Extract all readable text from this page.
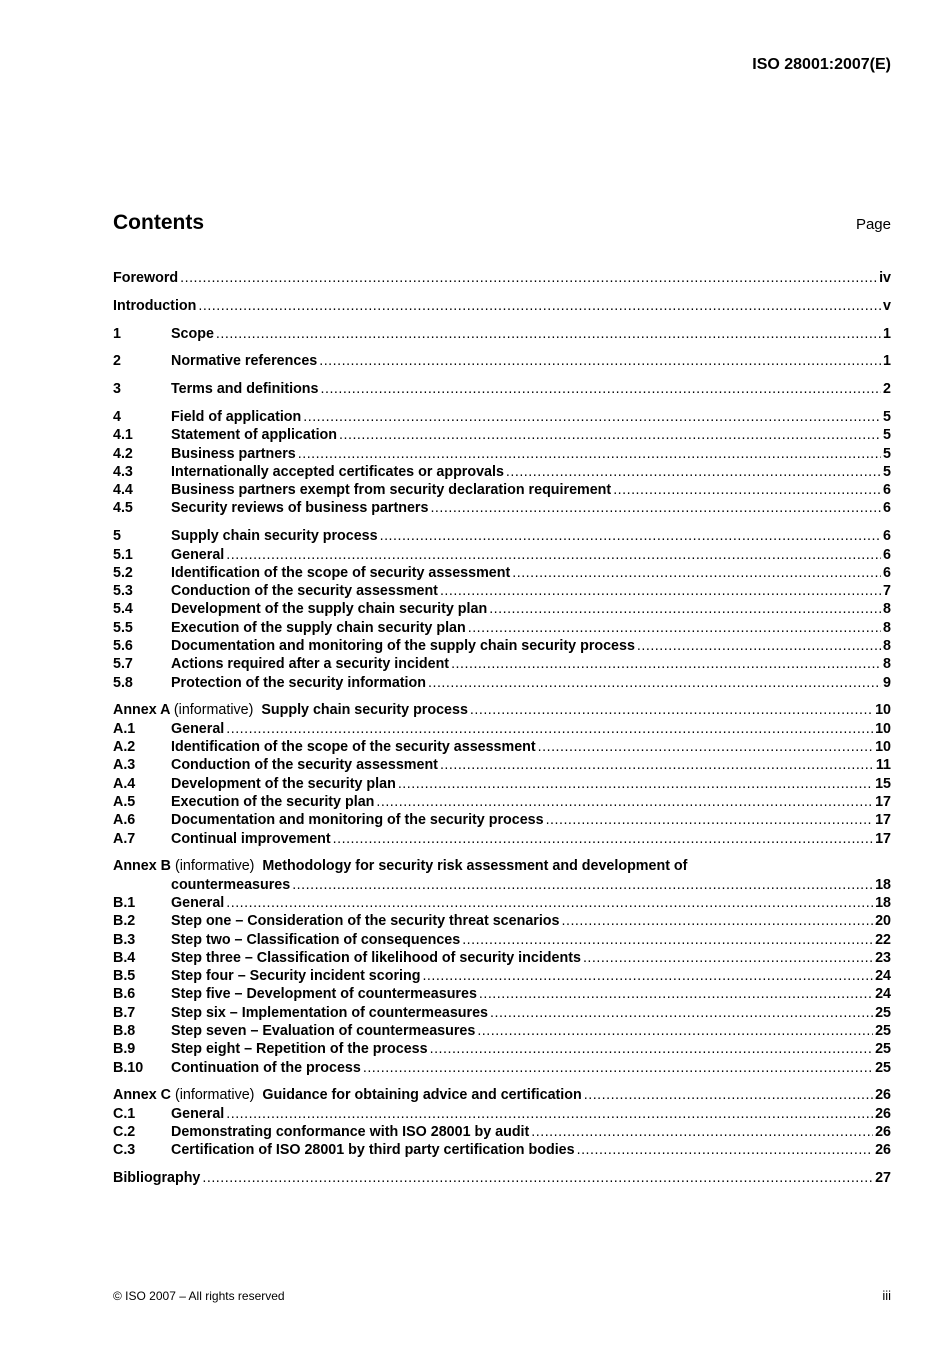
ISO 28001:2007(E)
Contents	Page
Foreword .....	iv
Introduction .....	v
1	Scope .....	1
2	Normative references .....	1
3	Terms and definitions .....	2
4	Field of application .....	5
4.1	Statement of application .....	5
4.2	Business partners .....	5
4.3	Internationally accepted certificates or approvals .....	5
4.4	Business partners exempt from security declaration requirement .....	6
4.5	Security reviews of business partners .....	6
5	Supply chain security process .....	6
5.1	General .....	6
5.2	Identification of the scope of security assessment .....	6
5.3	Conduction of the security assessment .....	7
5.4	Development of the supply chain security plan .....	8
5.5	Execution of the supply chain security plan .....	8
5.6	Documentation and monitoring of the supply chain security process .....	8
5.7	Actions required after a security incident .....	8
5.8	Protection of the security information .....	9
Annex A (informative) Supply chain security process .....	10
A.1	General .....	10
A.2	Identification of the scope of the security assessment .....	10
A.3	Conduction of the security assessment .....	11
A.4	Development of the security plan .....	15
A.5	Execution of the security plan .....	17
A.6	Documentation and monitoring of the security process .....	17
A.7	Continual improvement .....	17
Annex B (informative) Methodology for security risk assessment and development of
countermeasures .....	18
B.1	General .....	18
B.2	Step one – Consideration of the security threat scenarios .....	20
B.3	Step two – Classification of consequences .....	22
B.4	Step three – Classification of likelihood of security incidents .....	23
B.5	Step four – Security incident scoring .....	24
B.6	Step five – Development of countermeasures .....	24
B.7	Step six – Implementation of countermeasures .....	25
B.8	Step seven – Evaluation of countermeasures .....	25
B.9	Step eight – Repetition of the process .....	25
B.10	Continuation of the process .....	25
Annex C (informative) Guidance for obtaining advice and certification .....	26
C.1	General .....	26
C.2	Demonstrating conformance with ISO 28001 by audit .....	26
C.3	Certification of ISO 28001 by third party certification bodies .....	26
Bibliography .....	27
© ISO 2007 – All rights reserved	iii
